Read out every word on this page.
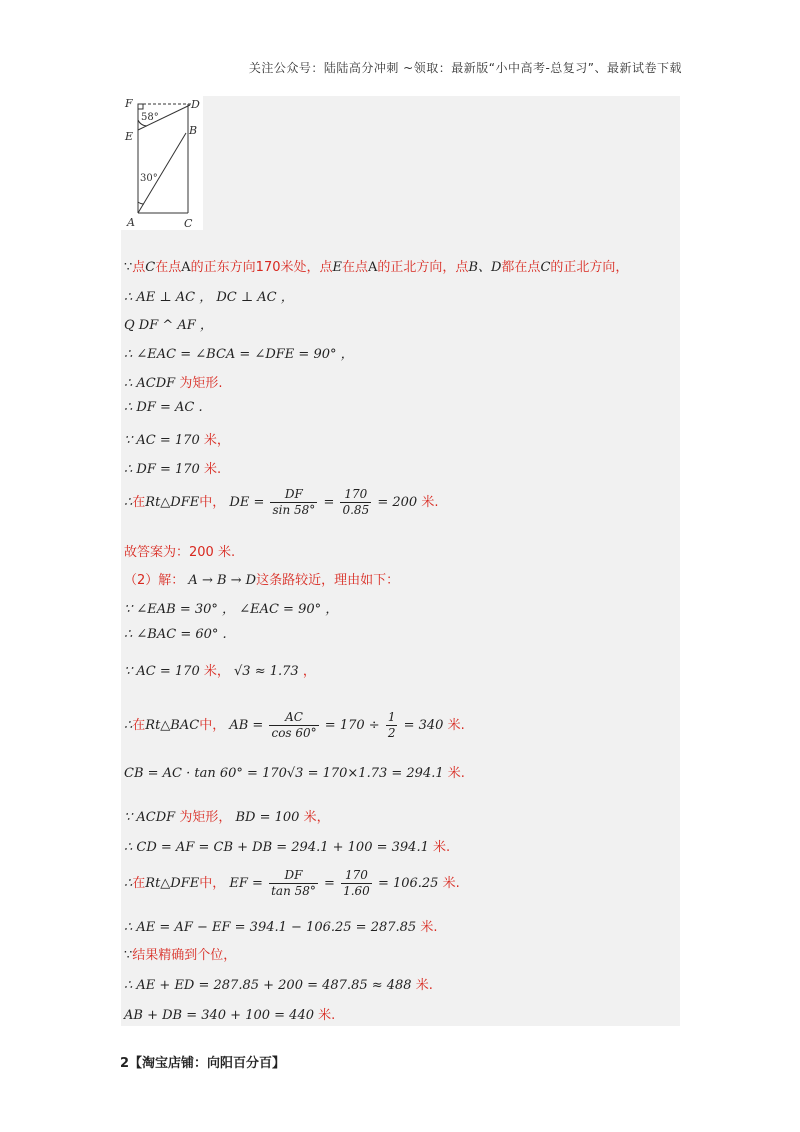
关注公众号：陆陆高分冲刺 ~领取：最新版“小中高考-总复习”、最新试卷下载
F	D
E	B
A	C
58°
30°
∵点C在点A的正东方向170米处，点E在点A的正北方向，点B、D都在点C的正北方向，
∴ AE ⊥ AC ， DC ⊥ AC ，
Q DF ^ AF ，
∴ ∠EAC = ∠BCA = ∠DFE = 90° ，
∴ ACDF 为矩形.
∴ DF = AC .
∵ AC = 170 米，
∴ DF = 170 米.
∴在Rt△DFE中， DE = $\frac{DF}{\sin 58^\circ} = \frac{170}{0.85} = 200$ 米.
故答案为：200 米.
（2）解： A → B → D这条路较近，理由如下：
∵ ∠EAB = 30° ， ∠EAC = 90° ，
∴ ∠BAC = 60° .
∵ AC = 170 米， √3 ≈ 1.73 ，
∴在Rt△BAC中， AB = $\frac{AC}{\cos 60^\circ} = 170 \div \frac{1}{2} = 340$ 米.
CB = AC · tan 60° = 170√3 = 170×1.73 = 294.1 米.
∵ ACDF 为矩形， BD = 100 米，
∴ CD = AF = CB + DB = 294.1 + 100 = 394.1 米.
∴在Rt△DFE中， EF = $\frac{DF}{\tan 58^\circ} = \frac{170}{1.60} = 106.25$ 米.
∴ AE = AF − EF = 394.1 − 106.25 = 287.85 米.
∵结果精确到个位，
∴ AE + ED = 287.85 + 200 = 487.85 ≈ 488 米.
AB + DB = 340 + 100 = 440 米.
2【淘宝店铺：向阳百分百】
